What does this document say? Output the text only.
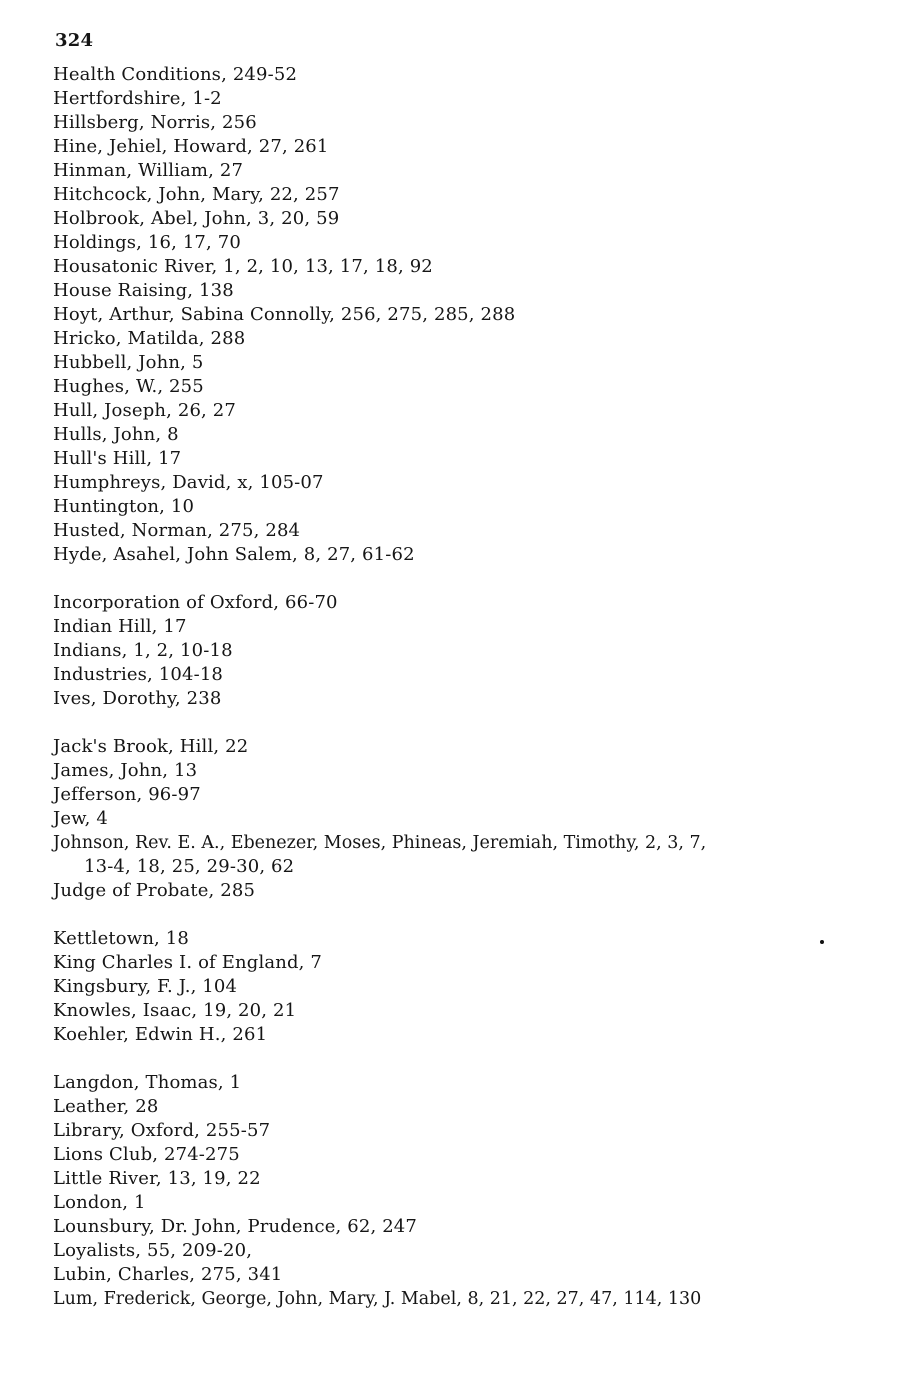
324
Health Conditions, 249-52
Hertfordshire, 1-2
Hillsberg, Norris, 256
Hine, Jehiel, Howard, 27, 261
Hinman, William, 27
Hitchcock, John, Mary, 22, 257
Holbrook, Abel, John, 3, 20, 59
Holdings, 16, 17, 70
Housatonic River, 1, 2, 10, 13, 17, 18, 92
House Raising, 138
Hoyt, Arthur, Sabina Connolly, 256, 275, 285, 288
Hricko, Matilda, 288
Hubbell, John, 5
Hughes, W., 255
Hull, Joseph, 26, 27
Hulls, John, 8
Hull's Hill, 17
Humphreys, David, x, 105-07
Huntington, 10
Husted, Norman, 275, 284
Hyde, Asahel, John Salem, 8, 27, 61-62
Incorporation of Oxford, 66-70
Indian Hill, 17
Indians, 1, 2, 10-18
Industries, 104-18
Ives, Dorothy, 238
Jack's Brook, Hill, 22
James, John, 13
Jefferson, 96-97
Jew, 4
Johnson, Rev. E. A., Ebenezer, Moses, Phineas, Jeremiah, Timothy, 2, 3, 7,
13-4, 18, 25, 29-30, 62
Judge of Probate, 285
Kettletown, 18
King Charles I. of England, 7
Kingsbury, F. J., 104
Knowles, Isaac, 19, 20, 21
Koehler, Edwin H., 261
Langdon, Thomas, 1
Leather, 28
Library, Oxford, 255-57
Lions Club, 274-275
Little River, 13, 19, 22
London, 1
Lounsbury, Dr. John, Prudence, 62, 247
Loyalists, 55, 209-20,
Lubin, Charles, 275, 341
Lum, Frederick, George, John, Mary, J. Mabel, 8, 21, 22, 27, 47, 114, 130
